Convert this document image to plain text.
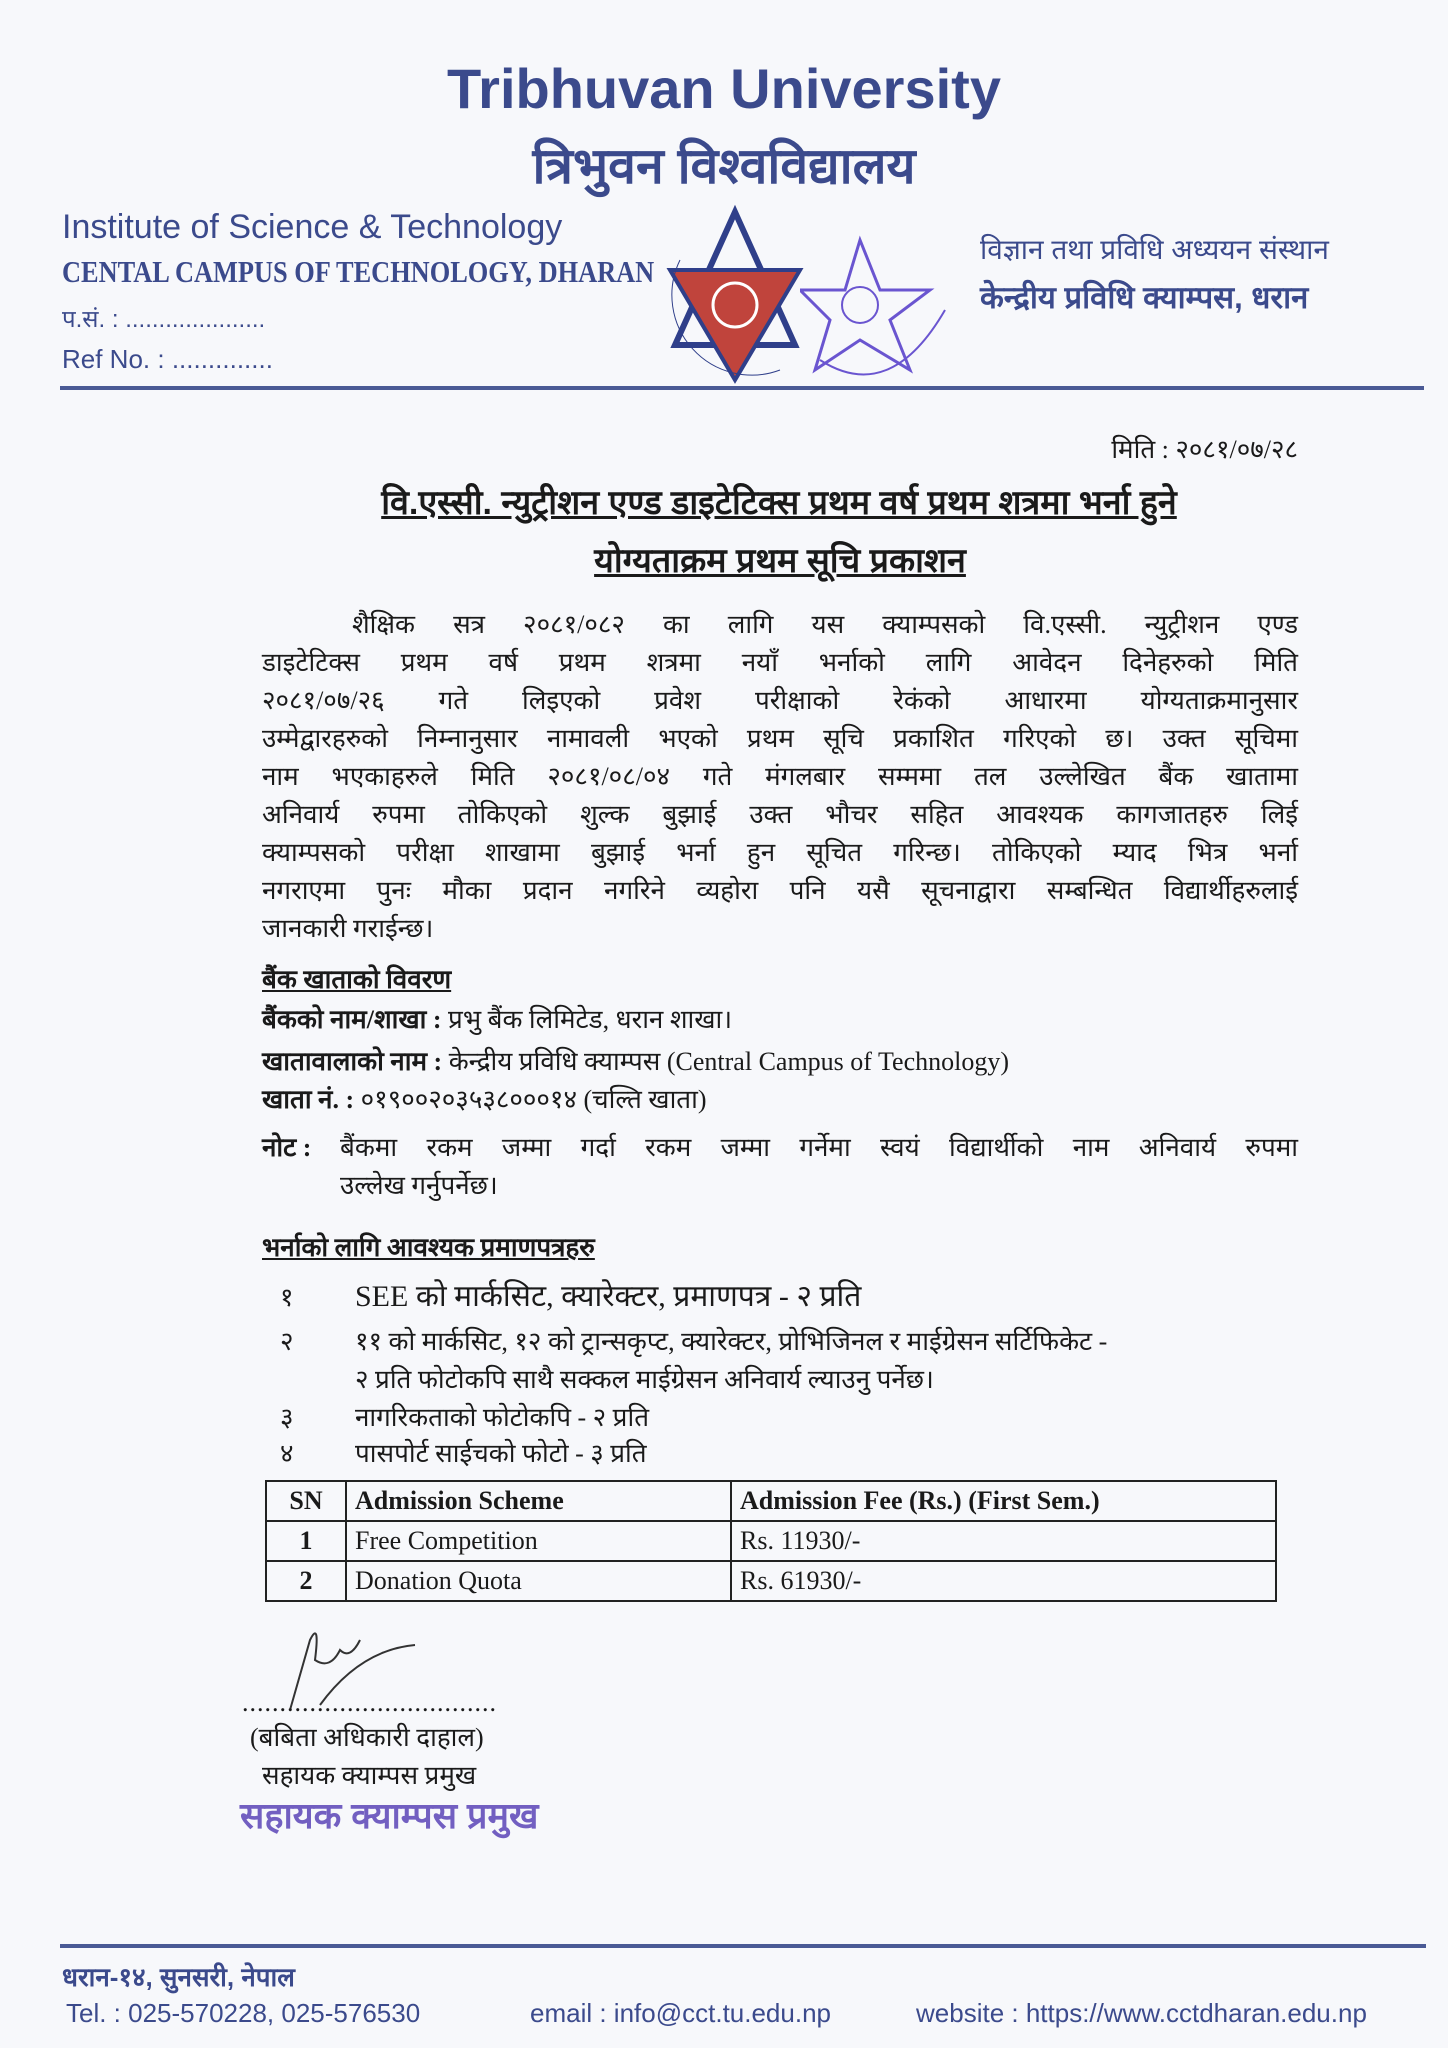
Tribhuvan University
त्रिभुवन विश्वविद्यालय
Institute of Science & Technology
CENTAL CAMPUS OF TECHNOLOGY, DHARAN
प.सं. : .....................
Ref No. : ..............
विज्ञान तथा प्रविधि अध्ययन संस्थान
केन्द्रीय प्रविधि क्याम्पस, धरान
मिति : २०८१/०७/२८
वि.एस्सी. न्युट्रीशन एण्ड डाइटेटिक्स प्रथम वर्ष प्रथम शत्रमा भर्ना हुने
योग्यताक्रम प्रथम सूचि प्रकाशन
शैक्षिक सत्र २०८१/०८२ का लागि यस क्याम्पसको वि.एस्सी. न्युट्रीशन एण्ड
डाइटेटिक्स प्रथम वर्ष प्रथम शत्रमा नयाँ भर्नाको लागि आवेदन दिनेहरुको मिति
२०८१/०७/२६ गते लिइएको प्रवेश परीक्षाको रेकंको आधारमा योग्यताक्रमानुसार
उम्मेद्वारहरुको निम्नानुसार नामावली भएको प्रथम सूचि प्रकाशित गरिएको छ। उक्त सूचिमा
नाम भएकाहरुले मिति २०८१/०८/०४ गते मंगलबार सम्ममा तल उल्लेखित बैंक खातामा
अनिवार्य रुपमा तोकिएको शुल्क बुझाई उक्त भौचर सहित आवश्यक कागजातहरु लिई
क्याम्पसको परीक्षा शाखामा बुझाई भर्ना हुन सूचित गरिन्छ। तोकिएको म्याद भित्र भर्ना
नगराएमा पुनः मौका प्रदान नगरिने व्यहोरा पनि यसै सूचनाद्वारा सम्बन्धित विद्यार्थीहरुलाई
जानकारी गराईन्छ।
बैंक खाताको विवरण
बैंकको नाम/शाखा : प्रभु बैंक लिमिटेड, धरान शाखा।
खातावालाको नाम : केन्द्रीय प्रविधि क्याम्पस (Central Campus of Technology)
खाता नं. : ०१९००२०३५३८०००१४ (चल्ति खाता)
नोट : बैंकमा रकम जम्मा गर्दा रकम जम्मा गर्नेमा स्वयं विद्यार्थीको नाम अनिवार्य रुपमा
उल्लेख गर्नुपर्नेछ।
भर्नाको लागि आवश्यक प्रमाणपत्रहरु
१ SEE को मार्कसिट, क्यारेक्टर, प्रमाणपत्र - २ प्रति
२ ११ को मार्कसिट, १२ को ट्रान्सकृप्ट, क्यारेक्टर, प्रोभिजिनल र माईग्रेसन सर्टिफिकेट -
२ प्रति फोटोकपि साथै सक्कल माईग्रेसन अनिवार्य ल्याउनु पर्नेछ।
३ नागरिकताको फोटोकपि - २ प्रति
४ पासपोर्ट साईचको फोटो - ३ प्रति
SN	Admission Scheme	Admission Fee (Rs.) (First Sem.)
1	Free Competition	Rs. 11930/-
2	Donation Quota	Rs. 61930/-
..................................
(बबिता अधिकारी दाहाल)
सहायक क्याम्पस प्रमुख
सहायक क्याम्पस प्रमुख
धरान-१४, सुनसरी, नेपाल
Tel. : 025-570228, 025-576530	email : info@cct.tu.edu.np	website : https://www.cctdharan.edu.np
